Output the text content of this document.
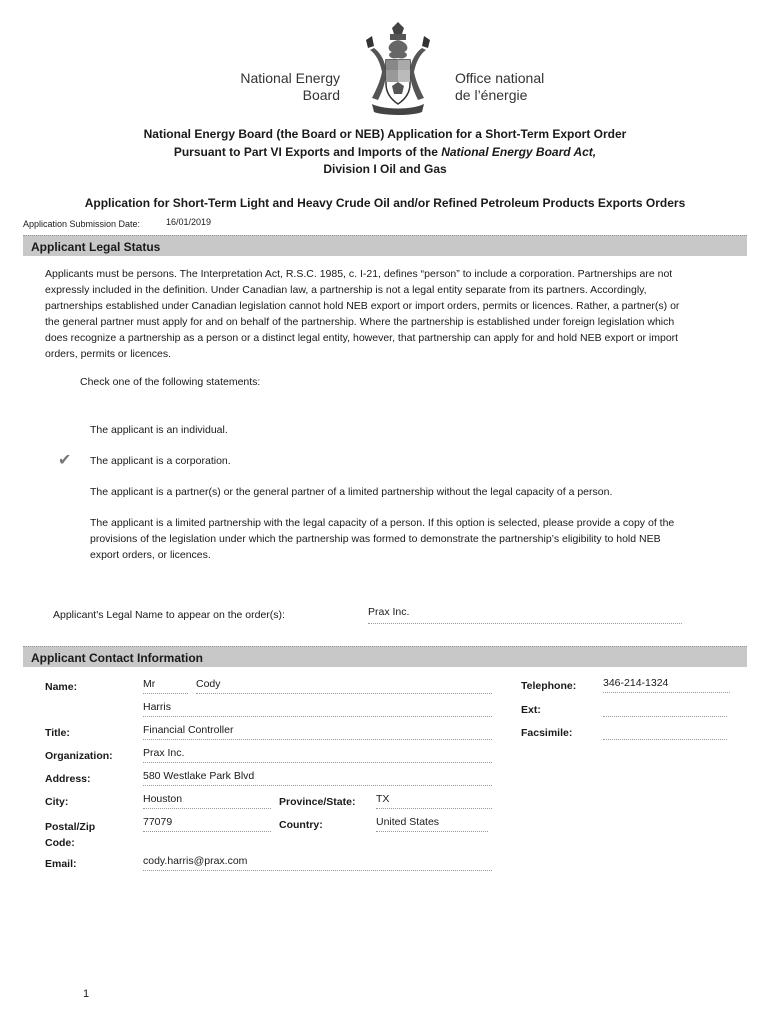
National Energy
Board
Office national
de l’énergie
National Energy Board (the Board or NEB) Application for a Short-Term Export Order
Pursuant to Part VI Exports and Imports of the National Energy Board Act,
Division I Oil and Gas
Application for Short-Term Light and Heavy Crude Oil and/or Refined Petroleum Products Exports Orders
Application Submission Date:	16/01/2019
Applicant Legal Status
Applicants must be persons. The Interpretation Act, R.S.C. 1985, c. I-21, defines “person” to include a corporation. Partnerships are not expressly included in the definition. Under Canadian law, a partnership is not a legal entity separate from its partners. Accordingly, partnerships established under Canadian legislation cannot hold NEB export or import orders, permits or licences. Rather, a partner(s) or the general partner must apply for and on behalf of the partnership. Where the partnership is established under foreign legislation which does recognize a partnership as a person or a distinct legal entity, however, that partnership can apply for and hold NEB export or import orders, permits or licences.
Check one of the following statements:
✔
The applicant is an individual.
The applicant is a corporation.
The applicant is a partner(s) or the general partner of a limited partnership without the legal capacity of a person.
The applicant is a limited partnership with the legal capacity of a person. If this option is selected, please provide a copy of the provisions of the legislation under which the partnership was formed to demonstrate the partnership’s eligibility to hold NEB export orders, or licences.
Applicant's Legal Name to appear on the order(s):	Prax Inc.
Applicant Contact Information
Name:	Mr	Cody
Harris
Title:	Financial Controller
Organization:	Prax Inc.
Address:	580 Westlake Park Blvd
City:	Houston	Province/State: TX
Postal/Zip
Code:
77079	Country:	United States
Email:	cody.harris@prax.com
Telephone:	346-214-1324
Ext:
Facsimile:
1
